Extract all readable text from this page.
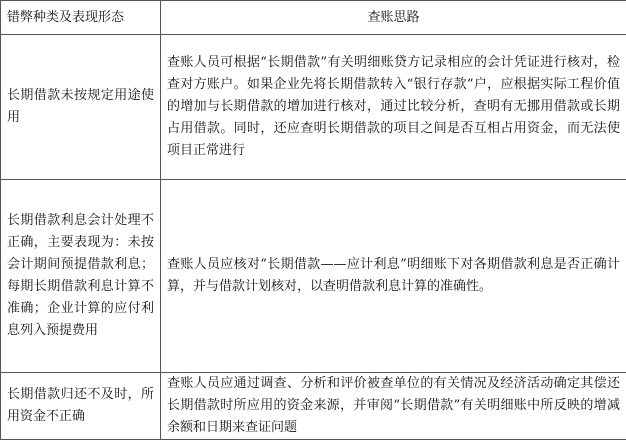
错弊种类及表现形态	查账思路
长期借款未按规定用途使用	查账人员可根据“长期借款”有关明细账贷方记录相应的会计凭证进行核对，检查对方账户。如果企业先将长期借款转入“银行存款”户，应根据实际工程价值的增加与长期借款的增加进行核对，通过比较分析，查明有无挪用借款或长期占用借款。同时，还应查明长期借款的项目之间是否互相占用资金，而无法使项目正常进行
长期借款利息会计处理不正确，主要表现为：未按会计期间预提借款利息；每期长期借款利息计算不准确；企业计算的应付利息列入预提费用	查账人员应核对“长期借款——应计利息”明细账下对各期借款利息是否正确计算，并与借款计划核对，以查明借款利息计算的准确性。
长期借款归还不及时，所用资金不正确	查账人员应通过调查、分析和评价被查单位的有关情况及经济活动确定其偿还长期借款时所应用的资金来源，并审阅“长期借款”有关明细账中所反映的增减余额和日期来查证问题
